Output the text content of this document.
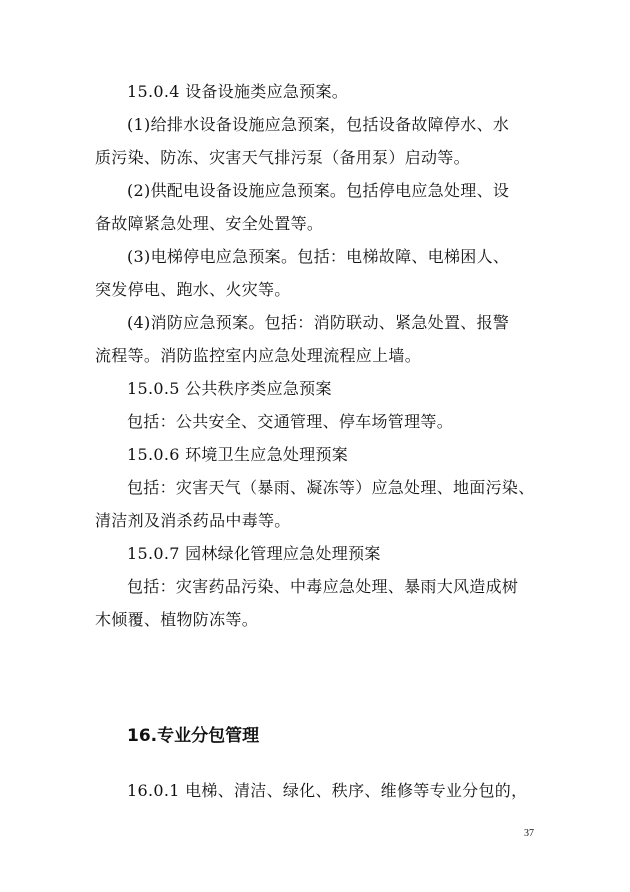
15.0.4 设备设施类应急预案。
(1)给排水设备设施应急预案，包括设备故障停水、水
质污染、防冻、灾害天气排污泵（备用泵）启动等。
(2)供配电设备设施应急预案。包括停电应急处理、设
备故障紧急处理、安全处置等。
(3)电梯停电应急预案。包括：电梯故障、电梯困人、
突发停电、跑水、火灾等。
(4)消防应急预案。包括：消防联动、紧急处置、报警
流程等。消防监控室内应急处理流程应上墙。
15.0.5 公共秩序类应急预案
包括：公共安全、交通管理、停车场管理等。
15.0.6 环境卫生应急处理预案
包括：灾害天气（暴雨、凝冻等）应急处理、地面污染、
清洁剂及消杀药品中毒等。
15.0.7 园林绿化管理应急处理预案
包括：灾害药品污染、中毒应急处理、暴雨大风造成树
木倾覆、植物防冻等。
16.专业分包管理
16.0.1 电梯、清洁、绿化、秩序、维修等专业分包的，
37
